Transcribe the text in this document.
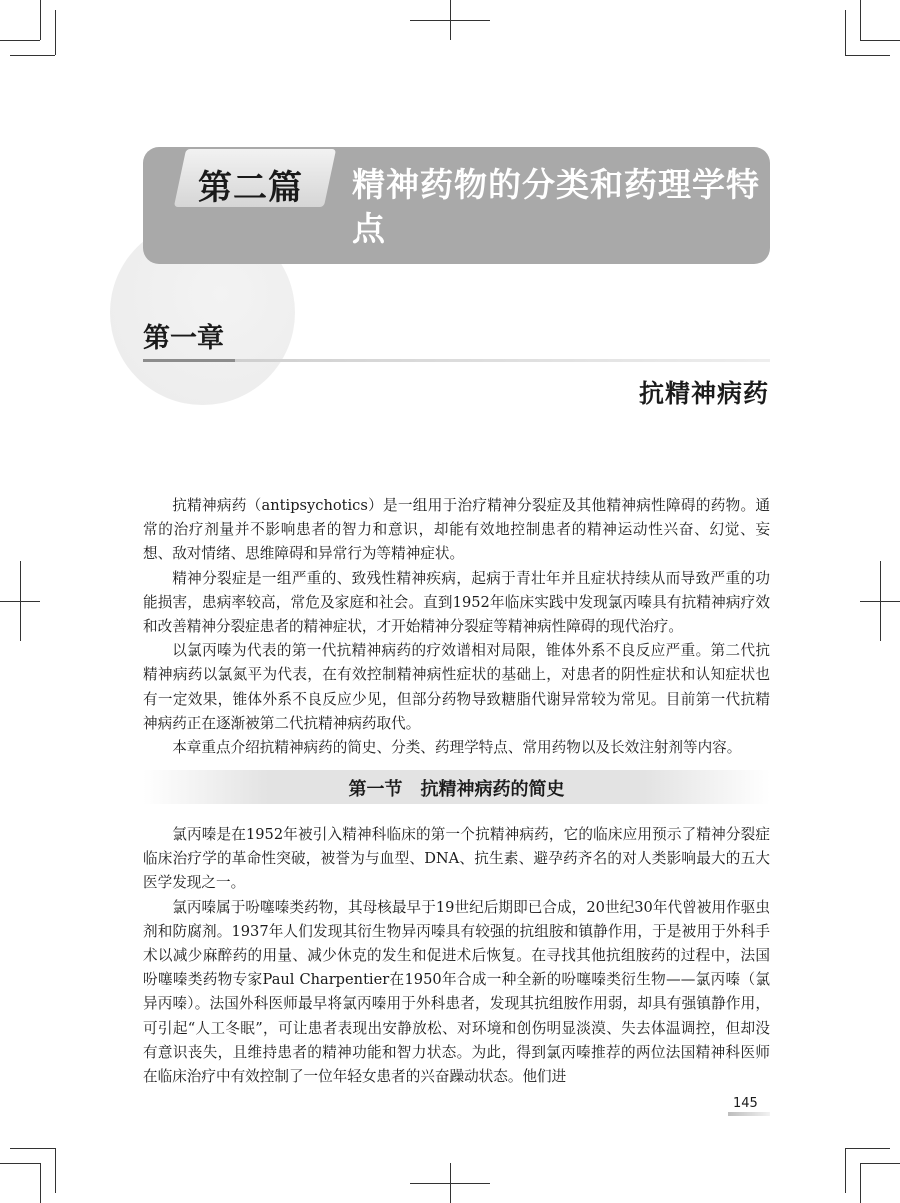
第二篇 精神药物的分类和药理学特点
第一章
抗精神病药

抗精神病药（antipsychotics）是一组用于治疗精神分裂症及其他精神病性障碍的药物。通常的治疗剂量并不影响患者的智力和意识，却能有效地控制患者的精神运动性兴奋、幻觉、妄想、敌对情绪、思维障碍和异常行为等精神症状。

精神分裂症是一组严重的、致残性精神疾病，起病于青壮年并且症状持续从而导致严重的功能损害，患病率较高，常危及家庭和社会。直到1952年临床实践中发现氯丙嗪具有抗精神病疗效和改善精神分裂症患者的精神症状，才开始精神分裂症等精神病性障碍的现代治疗。

以氯丙嗪为代表的第一代抗精神病药的疗效谱相对局限，锥体外系不良反应严重。第二代抗精神病药以氯氮平为代表，在有效控制精神病性症状的基础上，对患者的阴性症状和认知症状也有一定效果，锥体外系不良反应少见，但部分药物导致糖脂代谢异常较为常见。目前第一代抗精神病药正在逐渐被第二代抗精神病药取代。

本章重点介绍抗精神病药的简史、分类、药理学特点、常用药物以及长效注射剂等内容。

第一节　抗精神病药的简史

氯丙嗪是在1952年被引入精神科临床的第一个抗精神病药，它的临床应用预示了精神分裂症临床治疗学的革命性突破，被誉为与血型、DNA、抗生素、避孕药齐名的对人类影响最大的五大医学发现之一。

氯丙嗪属于吩噻嗪类药物，其母核最早于19世纪后期即已合成，20世纪30年代曾被用作驱虫剂和防腐剂。1937年人们发现其衍生物异丙嗪具有较强的抗组胺和镇静作用，于是被用于外科手术以减少麻醉药的用量、减少休克的发生和促进术后恢复。在寻找其他抗组胺药的过程中，法国吩噻嗪类药物专家Paul Charpentier在1950年合成一种全新的吩噻嗪类衍生物——氯丙嗪（氯异丙嗪）。法国外科医师最早将氯丙嗪用于外科患者，发现其抗组胺作用弱，却具有强镇静作用，可引起“人工冬眠”，可让患者表现出安静放松、对环境和创伤明显淡漠、失去体温调控，但却没有意识丧失，且维持患者的精神功能和智力状态。为此，得到氯丙嗪推荐的两位法国精神科医师在临床治疗中有效控制了一位年轻女患者的兴奋躁动状态。他们进

145
